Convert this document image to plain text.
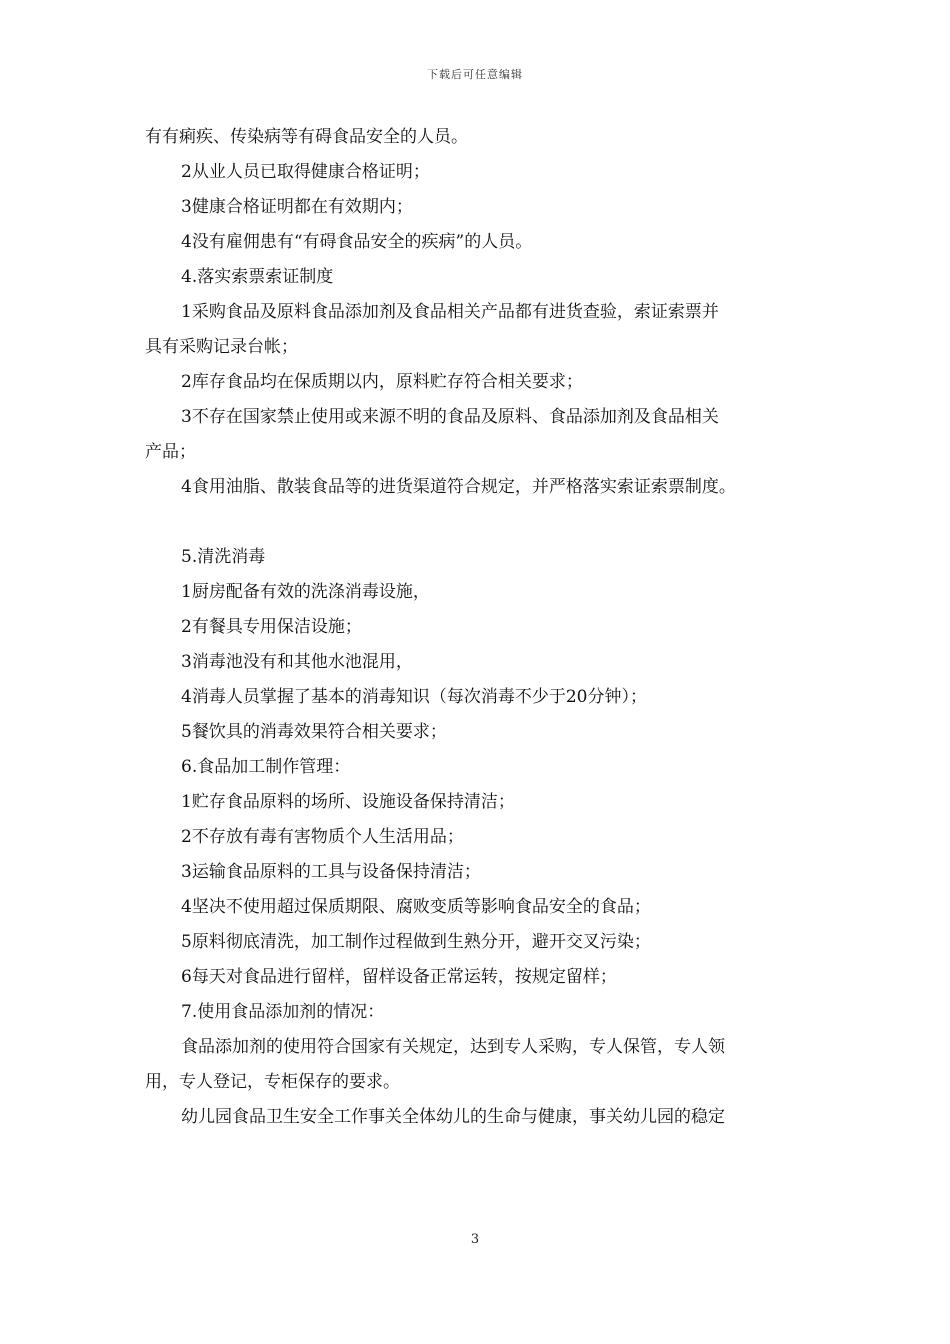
下载后可任意编辑
有有痢疾、传染病等有碍食品安全的人员。
2从业人员已取得健康合格证明；
3健康合格证明都在有效期内；
4没有雇佣患有“有碍食品安全的疾病”的人员。
4.落实索票索证制度
1采购食品及原料食品添加剂及食品相关产品都有进货查验，索证索票并
具有采购记录台帐；
2库存食品均在保质期以内，原料贮存符合相关要求；
3不存在国家禁止使用或来源不明的食品及原料、食品添加剂及食品相关
产品；
4食用油脂、散装食品等的进货渠道符合规定，并严格落实索证索票制度。
5.清洗消毒
1厨房配备有效的洗涤消毒设施，
2有餐具专用保洁设施；
3消毒池没有和其他水池混用，
4消毒人员掌握了基本的消毒知识（每次消毒不少于20分钟）；
5餐饮具的消毒效果符合相关要求；
6.食品加工制作管理：
1贮存食品原料的场所、设施设备保持清洁；
2不存放有毒有害物质个人生活用品；
3运输食品原料的工具与设备保持清洁；
4坚决不使用超过保质期限、腐败变质等影响食品安全的食品；
5原料彻底清洗，加工制作过程做到生熟分开，避开交叉污染；
6每天对食品进行留样，留样设备正常运转，按规定留样；
7.使用食品添加剂的情况：
食品添加剂的使用符合国家有关规定，达到专人采购，专人保管，专人领
用，专人登记，专柜保存的要求。
幼儿园食品卫生安全工作事关全体幼儿的生命与健康，事关幼儿园的稳定
3
